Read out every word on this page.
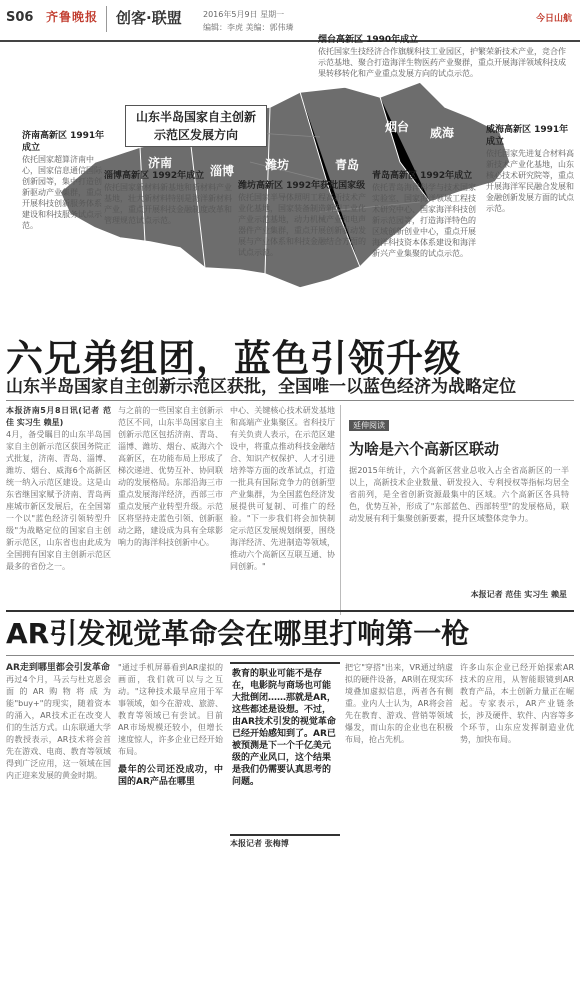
S06 齐鲁晚报 创客·联盟	2016年5月9日 星期一
编辑：李虎 美编：郭伟璘
今日山航
山东半岛国家自主创新
示范区发展方向
济南
淄博	潍坊	青岛
烟台 威海
烟台高新区 1990年成立
依托国家生技经济合作旗舰科技工业园区，护繁荣新技术产业，竞合作示范基地、聚合打造海洋生物医药产业聚群，重点开展海洋领域科技成果转移转化和产业重点发展方向的试点示范。
济南高新区 1991年成立
依托国家超算济南中心，国家信息通信国际创新园等，集中打造创新驱动产业集群，重点开展科技创新服务体系建设和科技服务试点示范。
淄博高新区 1992年成立
依托国家新材料新基地和新材料产业基地，壮大新材料特别是海洋新材料产业，重点开展科技金融制度改革和管理规范试点示范。
潍坊高新区 1992年获批国家级
依托国家半导体照明工程高新技术产业化基地，国家装备制造新型工业化产业示范基地，动力机械产业和电声器件产业集群，重点开展创新驱动发展与产业体系和科技金融结合方面的试点示范。
青岛高新区 1992年成立
依托青岛海洋科学与技术国家实验室、国家海洋领域工程技术研究中心、国家海洋科技创新示范园等，打造海洋特色的区域创新创业中心，重点开展海洋科技资本体系建设和海洋新兴产业集聚的试点示范。
威海高新区 1991年成立
依托国家先进复合材料高新技术产业化基地，山东核心技术研究院等，重点开展海洋军民融合发展和金融创新发展方面的试点示范。
六兄弟组团，蓝色引领升级
山东半岛国家自主创新示范区获批，全国唯一以蓝色经济为战略定位
本报济南5月8日讯(记者 范佳 实习生 赖星)
4月，备受瞩目的山东半岛国家自主创新示范区获国务院正式批复，济南、青岛、淄博、潍坊、烟台、威海6个高新区统一纳入示范区建设。这是山东省继国家赋予济南、青岛两座城市新区发展后，在全国第一个以"蓝色经济引领转型升级"为战略定位的国家自主创新示范区，山东省也由此成为全国拥有国家自主创新示范区最多的省份之一。
与之前的一些国家自主创新示范区不同，山东半岛国家自主创新示范区包括济南、青岛、淄博、潍坊、烟台、威海六个高新区，在功能布局上形成了梯次递进、优势互补、协同联动的发展格局。东部沿海三市重点发展海洋经济，西部三市重点发展产业转型升级。示范区将坚持走蓝色引领、创新驱动之路，建设成为具有全球影响力的海洋科技创新中心。
中心、关键核心技术研发基地和高端产业集聚区。省科技厅有关负责人表示，在示范区建设中，将重点推动科技金融结合、知识产权保护、人才引进培养等方面的改革试点，打造一批具有国际竞争力的创新型产业集群，为全国蓝色经济发展提供可复制、可推广的经验。"下一步我们将会加快制定示范区发展规划纲要，围绕海洋经济、先进制造等领域，推动六个高新区互联互通、协同创新。"
延伸阅读
为啥是六个高新区联动
据2015年统计，六个高新区营业总收入占全省高新区的一半以上，高新技术企业数量、研发投入、专利授权等指标均居全省前列，是全省创新资源最集中的区域。六个高新区各具特色，优势互补，形成了"东部蓝色、西部转型"的发展格局，联动发展有利于集聚创新要素，提升区域整体竞争力。
本报记者 范佳 实习生 赖星
AR引发视觉革命会在哪里打响第一枪
AR走到哪里都会引发革命
再过4个月，马云与杜克恩会面的AR购物将成为能"buy+"的现实，随着资本的涌入，AR技术正在改变人们的生活方式。山东联通大学的教授表示，AR技术将会首先在游戏、电商、教育等领域得到广泛应用，这一领域在国内正迎来发展的黄金时期。
"通过手机屏幕看到AR虚拟的画面，我们就可以与之互动。"这种技术最早应用于军事领域，如今在游戏、旅游、教育等领域已有尝试。目前AR市场规模还较小，但增长速度惊人，许多企业已经开始布局。
最年的公司还没成功，中国的AR产品在哪里
教育的职业可能不是存在，电影院与商场也可能大批倒闭……那就是AR，这些都述是设想。不过，由AR技术引发的视觉革命已经开始感知到了。AR已被预测是下一个千亿美元级的产业风口，这个结果是我们仍需要认真思考的问题。
本报记者 张梅博
把它"穿搭"出来，VR通过纳虚拟的硬件设备，AR则在现实环境叠加虚拟信息，两者各有侧重。业内人士认为，AR将会首先在教育、游戏、营销等领域爆发，而山东的企业也在积极布局，抢占先机。
许多山东企业已经开始探索AR技术的应用，从智能眼镜到AR教育产品，本土创新力量正在崛起。专家表示，AR产业链条长，涉及硬件、软件、内容等多个环节，山东应发挥制造业优势，加快布局。
